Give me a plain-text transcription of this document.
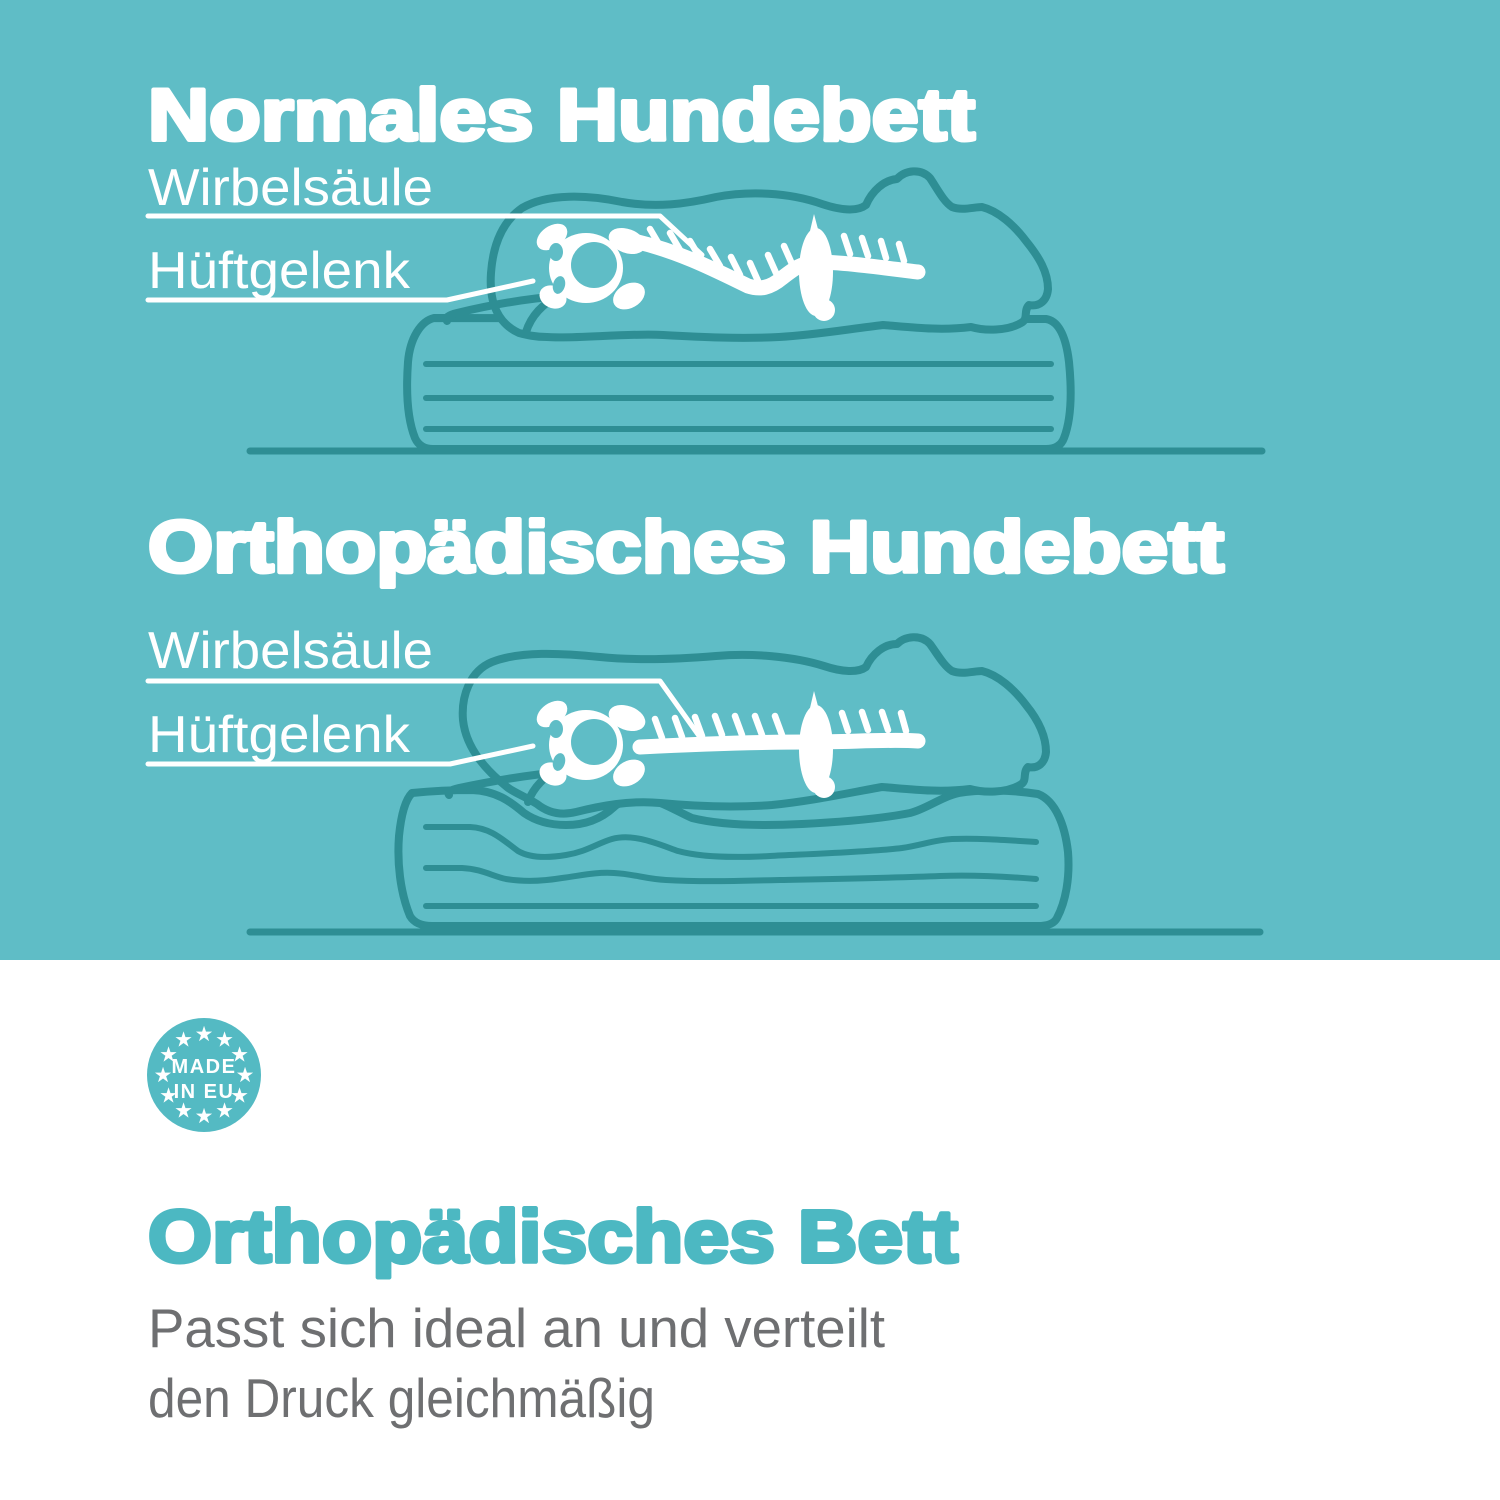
Normales Hundebett
Wirbelsäule
Hüftgelenk
Orthopädisches Hundebett
Wirbelsäule
Hüftgelenk
★ ★
★
★
★
★
★
★
★
★
★
★
MADE
IN EU
Orthopädisches Bett
Passt sich ideal an und verteilt
den Druck gleichmäßig
